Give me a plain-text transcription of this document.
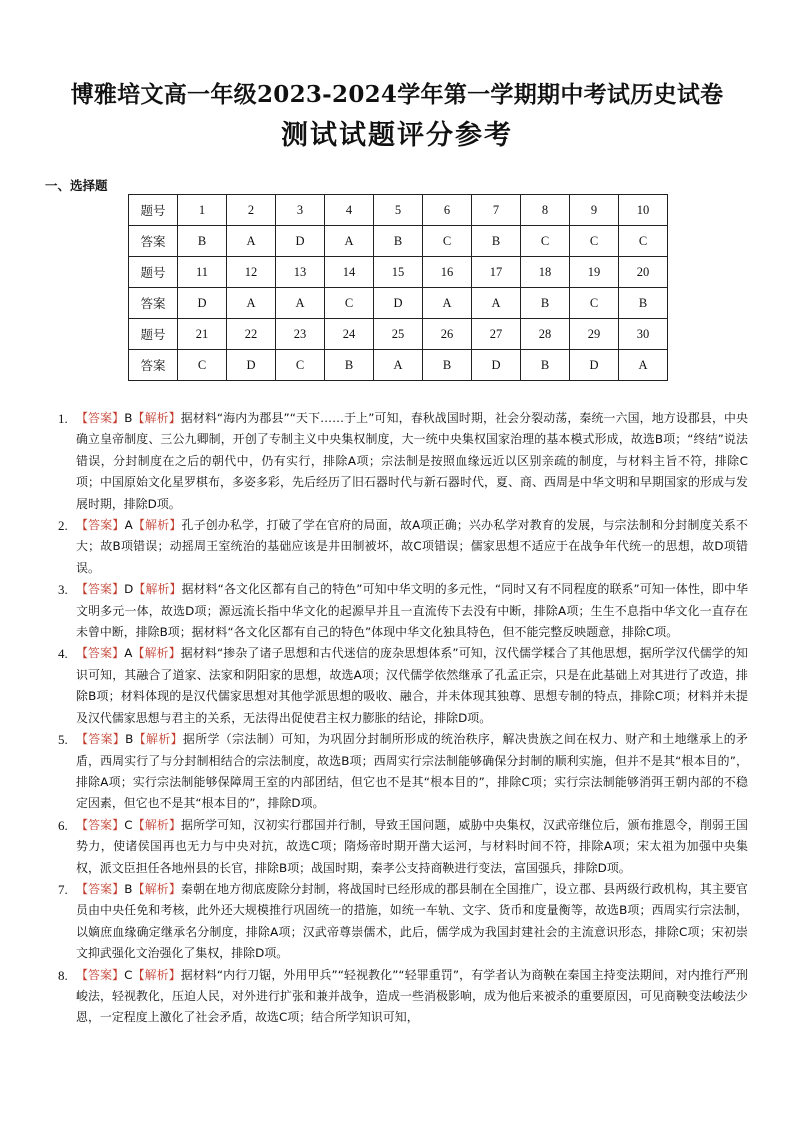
博雅培文高一年级2023-2024学年第一学期期中考试历史试卷
测试试题评分参考
一、选择题
题号	1	2	3	4	5	6	7	8	9	10
答案	B	A	D	A	B	C	B	C	C	C
题号	11	12	13	14	15	16	17	18	19	20
答案	D	A	A	C	D	A	A	B	C	B
题号	21	22	23	24	25	26	27	28	29	30
答案	C	D	C	B	A	B	D	B	D	A
1. 【答案】B【解析】据材料“海内为郡县”“天下……于上”可知，春秋战国时期，社会分裂动荡，秦统一六国，地方设郡县，中央确立皇帝制度、三公九卿制，开创了专制主义中央集权制度，大一统中央集权国家治理的基本模式形成，故选B项；“终结”说法错误，分封制度在之后的朝代中，仍有实行，排除A项；宗法制是按照血缘远近以区别亲疏的制度，与材料主旨不符，排除C项；中国原始文化星罗棋布，多姿多彩，先后经历了旧石器时代与新石器时代，夏、商、西周是中华文明和早期国家的形成与发展时期，排除D项。
2. 【答案】A【解析】孔子创办私学，打破了学在官府的局面，故A项正确；兴办私学对教育的发展，与宗法制和分封制度关系不大；故B项错误；动摇周王室统治的基础应该是井田制被坏，故C项错误；儒家思想不适应于在战争年代统一的思想，故D项错误。
3. 【答案】D【解析】据材料“各文化区都有自己的特色”可知中华文明的多元性，“同时又有不同程度的联系”可知一体性，即中华文明多元一体，故选D项；源远流长指中华文化的起源早并且一直流传下去没有中断，排除A项；生生不息指中华文化一直存在未曾中断，排除B项；据材料“各文化区都有自己的特色”体现中华文化独具特色，但不能完整反映题意，排除C项。
4. 【答案】A【解析】据材料“掺杂了诸子思想和古代迷信的庞杂思想体系”可知，汉代儒学糅合了其他思想，据所学汉代儒学的知识可知，其融合了道家、法家和阴阳家的思想，故选A项；汉代儒学依然继承了孔孟正宗，只是在此基础上对其进行了改造，排除B项；材料体现的是汉代儒家思想对其他学派思想的吸收、融合，并未体现其独尊、思想专制的特点，排除C项；材料并未提及汉代儒家思想与君主的关系，无法得出促使君主权力膨胀的结论，排除D项。
5. 【答案】B【解析】据所学（宗法制）可知，为巩固分封制所形成的统治秩序，解决贵族之间在权力、财产和土地继承上的矛盾，西周实行了与分封制相结合的宗法制度，故选B项；西周实行宗法制能够确保分封制的顺利实施，但并不是其“根本目的”，排除A项；实行宗法制能够保障周王室的内部团结，但它也不是其“根本目的”，排除C项；实行宗法制能够消弭王朝内部的不稳定因素，但它也不是其“根本目的”，排除D项。
6. 【答案】C【解析】据所学可知，汉初实行郡国并行制，导致王国问题，威胁中央集权，汉武帝继位后，颁布推恩令，削弱王国势力，使诸侯国再也无力与中央对抗，故选C项；隋炀帝时期开凿大运河，与材料时间不符，排除A项；宋太祖为加强中央集权，派文臣担任各地州县的长官，排除B项；战国时期，秦孝公支持商鞅进行变法，富国强兵，排除D项。
7. 【答案】B【解析】秦朝在地方彻底废除分封制，将战国时已经形成的郡县制在全国推广，设立郡、县两级行政机构，其主要官员由中央任免和考核，此外还大规模推行巩固统一的措施，如统一车轨、文字、货币和度量衡等，故选B项；西周实行宗法制，以嫡庶血缘确定继承名分制度，排除A项；汉武帝尊崇儒术，此后，儒学成为我国封建社会的主流意识形态，排除C项；宋初崇文抑武强化文治强化了集权，排除D项。
8. 【答案】C【解析】据材料“内行刀锯，外用甲兵”“轻视教化”“轻罪重罚”，有学者认为商鞅在秦国主持变法期间，对内推行严刑峻法，轻视教化，压迫人民，对外进行扩张和兼并战争，造成一些消极影响，成为他后来被杀的重要原因，可见商鞅变法峻法少恩，一定程度上激化了社会矛盾，故选C项；结合所学知识可知，
